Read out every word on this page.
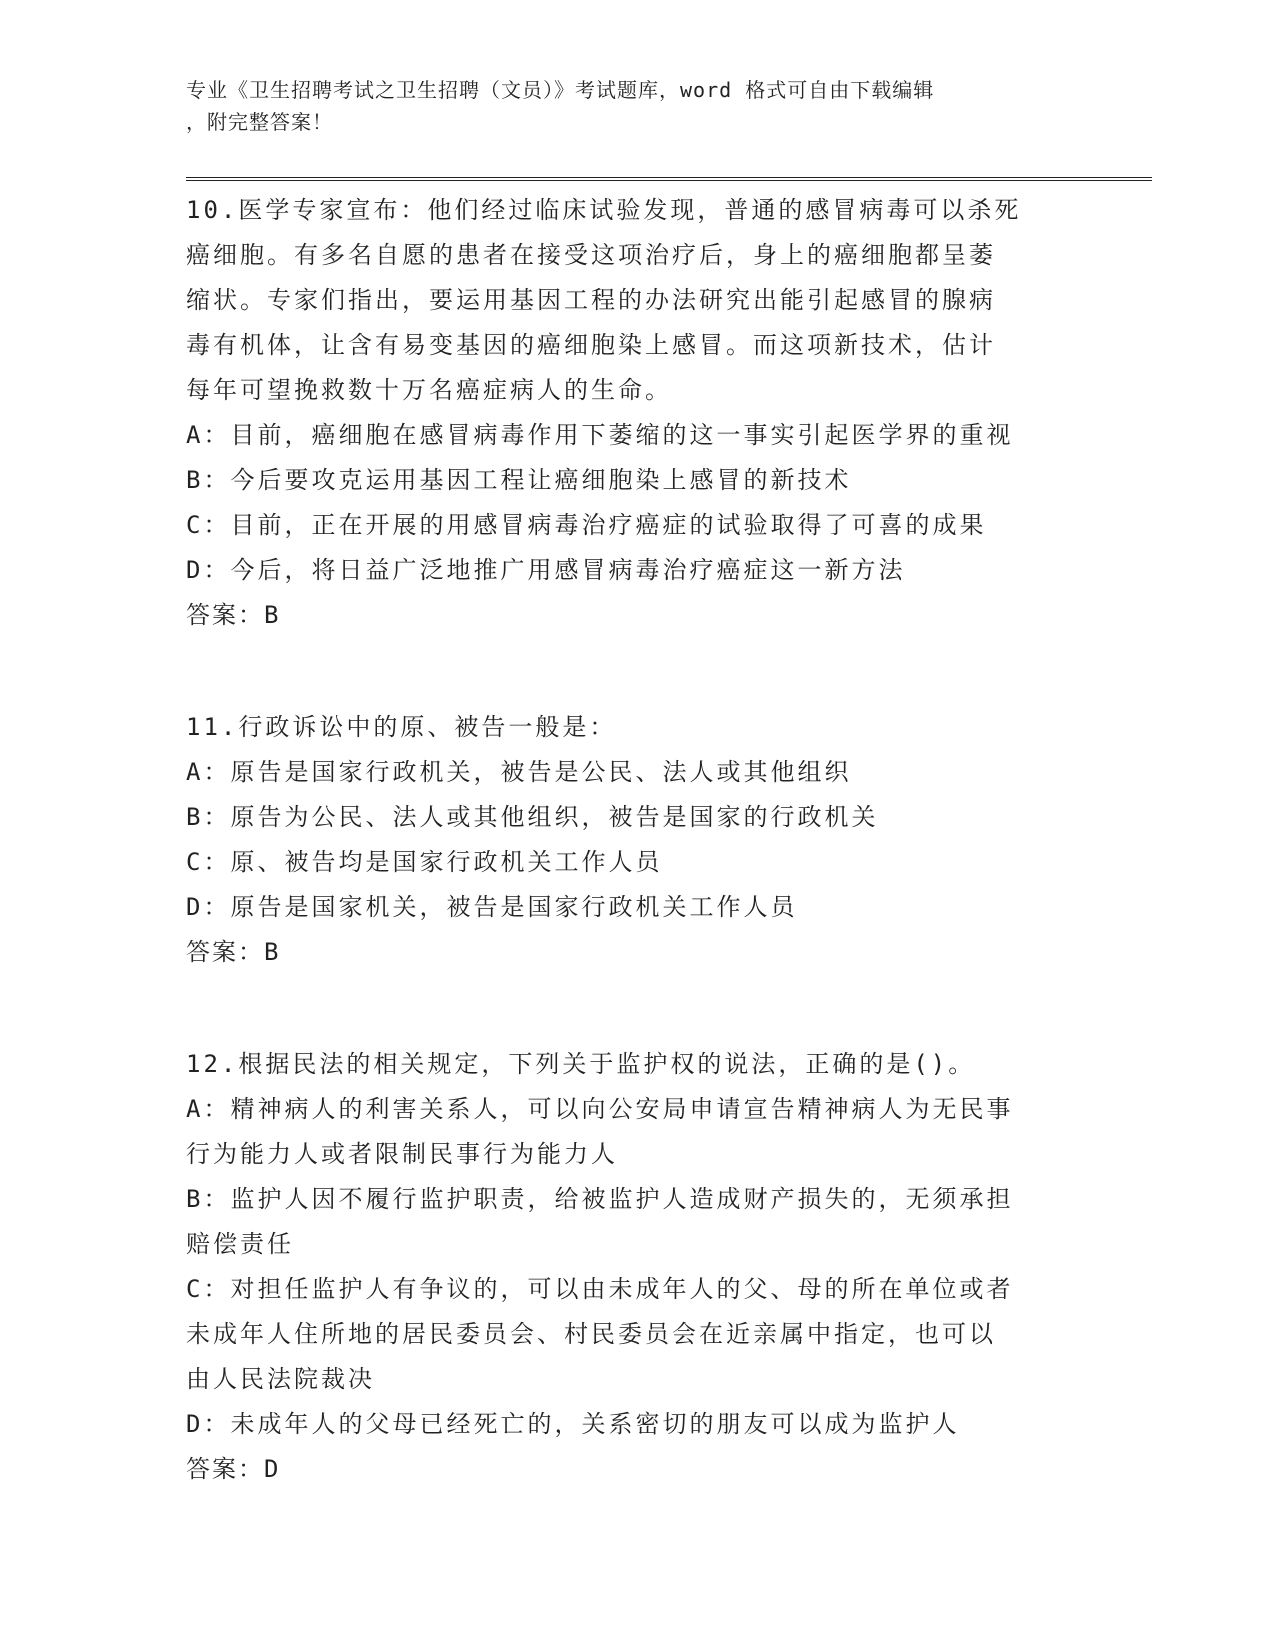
专业《卫生招聘考试之卫生招聘（文员）》考试题库，word 格式可自由下载编辑
，附完整答案！

10.医学专家宣布：他们经过临床试验发现，普通的感冒病毒可以杀死

癌细胞。有多名自愿的患者在接受这项治疗后，身上的癌细胞都呈萎

缩状。专家们指出，要运用基因工程的办法研究出能引起感冒的腺病

毒有机体，让含有易变基因的癌细胞染上感冒。而这项新技术，估计

每年可望挽救数十万名癌症病人的生命。

A：目前，癌细胞在感冒病毒作用下萎缩的这一事实引起医学界的重视

B：今后要攻克运用基因工程让癌细胞染上感冒的新技术

C：目前，正在开展的用感冒病毒治疗癌症的试验取得了可喜的成果

D：今后，将日益广泛地推广用感冒病毒治疗癌症这一新方法

答案：B

11.行政诉讼中的原、被告一般是：

A：原告是国家行政机关，被告是公民、法人或其他组织

B：原告为公民、法人或其他组织，被告是国家的行政机关

C：原、被告均是国家行政机关工作人员

D：原告是国家机关，被告是国家行政机关工作人员

答案：B

12.根据民法的相关规定，下列关于监护权的说法，正确的是()。

A：精神病人的利害关系人，可以向公安局申请宣告精神病人为无民事

行为能力人或者限制民事行为能力人

B：监护人因不履行监护职责，给被监护人造成财产损失的，无须承担

赔偿责任

C：对担任监护人有争议的，可以由未成年人的父、母的所在单位或者

未成年人住所地的居民委员会、村民委员会在近亲属中指定，也可以

由人民法院裁决

D：未成年人的父母已经死亡的，关系密切的朋友可以成为监护人

答案：D
